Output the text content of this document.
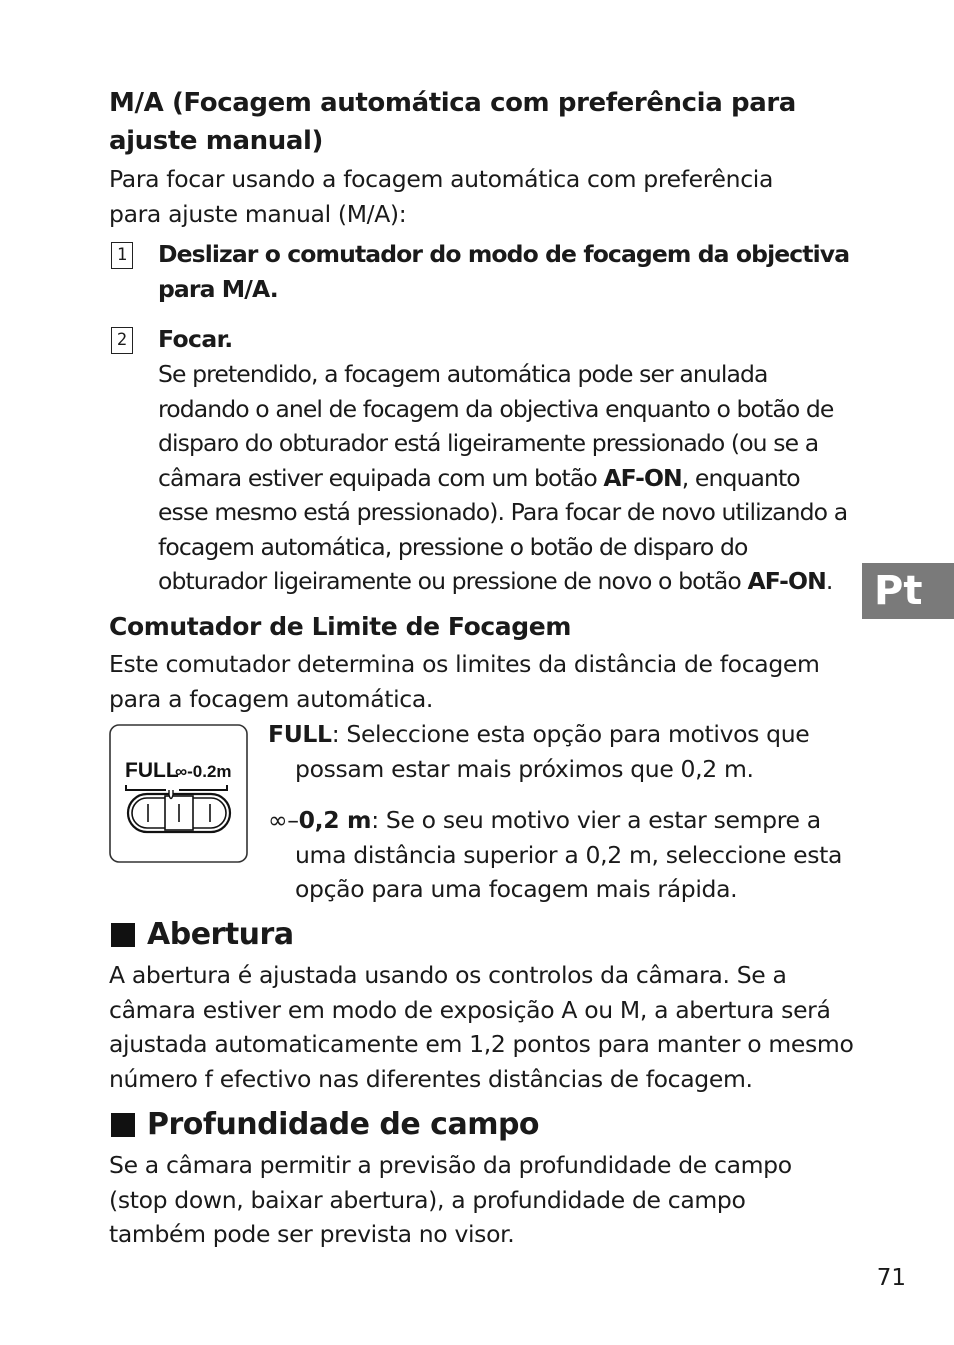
M/A (Focagem automática com preferência para ajuste manual)
Para focar usando a focagem automática com preferência para ajuste manual (M/A):
1 Deslizar o comutador do modo de focagem da objectiva para M/A.
2 Focar.
Se pretendido, a focagem automática pode ser anulada rodando o anel de focagem da objectiva enquanto o botão de disparo do obturador está ligeiramente pressionado (ou se a câmara estiver equipada com um botão AF-ON, enquanto esse mesmo está pressionado). Para focar de novo utilizando a focagem automática, pressione o botão de disparo do obturador ligeiramente ou pressione de novo o botão AF-ON.	Pt
Comutador de Limite de Focagem
Este comutador determina os limites da distância de focagem para a focagem automática.
FULL
∞-0.2m
FULL: Seleccione esta opção para motivos que possam estar mais próximos que 0,2 m.
∞–0,2 m: Se o seu motivo vier a estar sempre a uma distância superior a 0,2 m, seleccione esta opção para uma focagem mais rápida.
Abertura
A abertura é ajustada usando os controlos da câmara. Se a câmara estiver em modo de exposição A ou M, a abertura será ajustada automaticamente em 1,2 pontos para manter o mesmo número f efectivo nas diferentes distâncias de focagem.
Profundidade de campo
Se a câmara permitir a previsão da profundidade de campo (stop down, baixar abertura), a profundidade de campo também pode ser prevista no visor.
71
